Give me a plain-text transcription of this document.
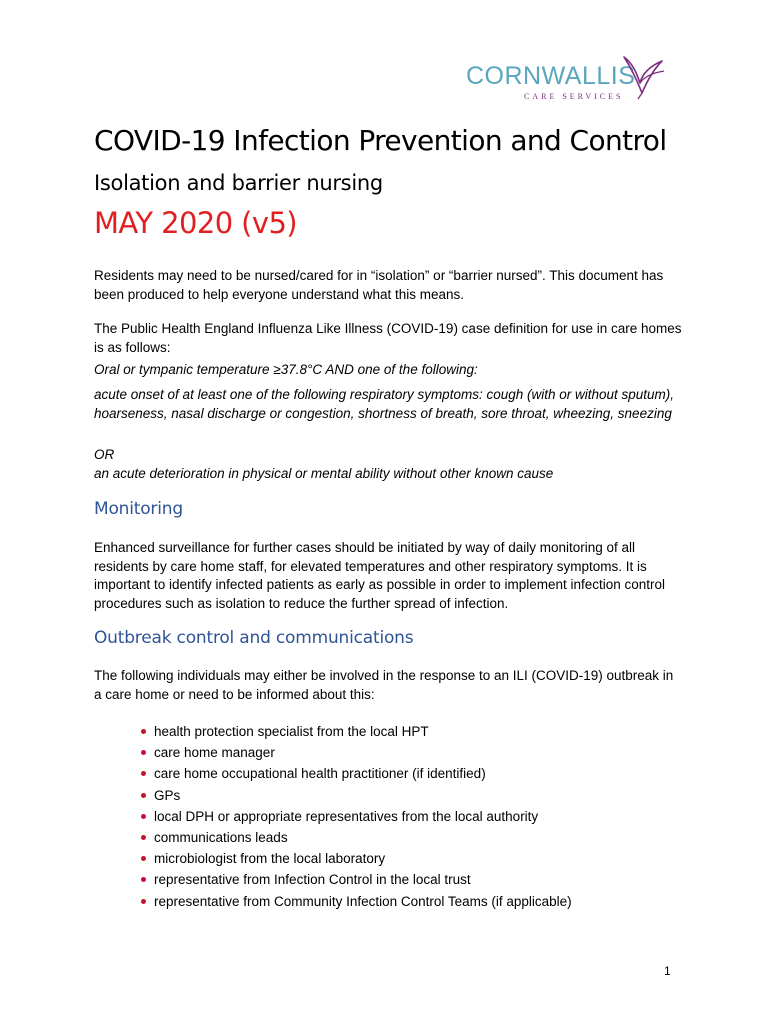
CORNWALLIS
CARE SERVICES
COVID-19 Infection Prevention and Control Isolation and barrier nursing
MAY 2020 (v5)
Residents may need to be nursed/cared for in “isolation” or “barrier nursed”. This document has been produced to help everyone understand what this means.
The Public Health England Influenza Like Illness (COVID-19) case definition for use in care homes is as follows:
Oral or tympanic temperature ≥37.8°C AND one of the following:
acute onset of at least one of the following respiratory symptoms: cough (with or without sputum), hoarseness, nasal discharge or congestion, shortness of breath, sore throat, wheezing, sneezing
OR
an acute deterioration in physical or mental ability without other known cause
Monitoring
Enhanced surveillance for further cases should be initiated by way of daily monitoring of all residents by care home staff, for elevated temperatures and other respiratory symptoms. It is important to identify infected patients as early as possible in order to implement infection control procedures such as isolation to reduce the further spread of infection.
Outbreak control and communications
The following individuals may either be involved in the response to an ILI (COVID-19) outbreak in a care home or need to be informed about this:
health protection specialist from the local HPT
care home manager
care home occupational health practitioner (if identified)
GPs
local DPH or appropriate representatives from the local authority
communications leads
microbiologist from the local laboratory
representative from Infection Control in the local trust
representative from Community Infection Control Teams (if applicable)
1
